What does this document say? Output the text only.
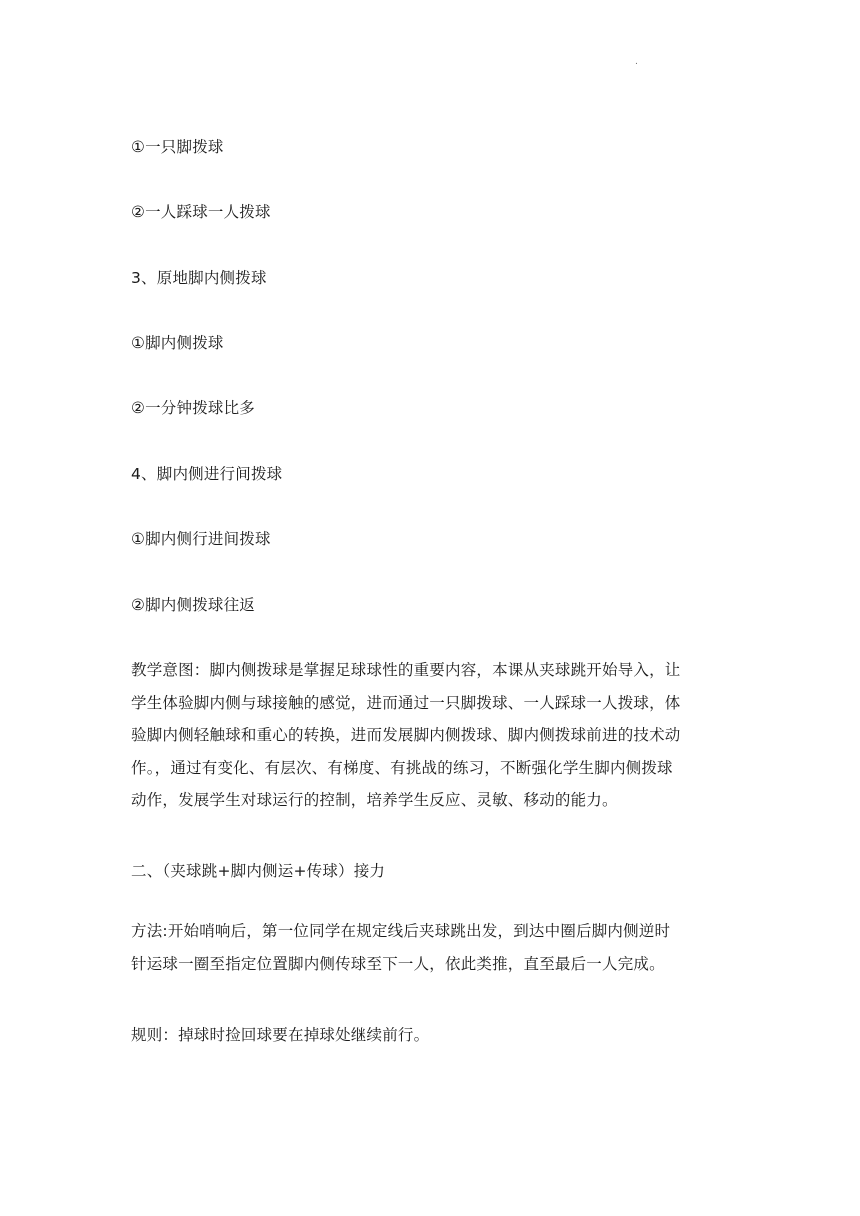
.
①一只脚拨球
②一人踩球一人拨球
3、原地脚内侧拨球
①脚内侧拨球
②一分钟拨球比多
4、脚内侧进行间拨球
①脚内侧行进间拨球
②脚内侧拨球往返
教学意图：脚内侧拨球是掌握足球球性的重要内容，本课从夹球跳开始导入，让
学生体验脚内侧与球接触的感觉，进而通过一只脚拨球、一人踩球一人拨球，体
验脚内侧轻触球和重心的转换，进而发展脚内侧拨球、脚内侧拨球前进的技术动
作。，通过有变化、有层次、有梯度、有挑战的练习，不断强化学生脚内侧拨球
动作，发展学生对球运行的控制，培养学生反应、灵敏、移动的能力。
二、（夹球跳+脚内侧运+传球）接力
方法:开始哨响后，第一位同学在规定线后夹球跳出发，到达中圈后脚内侧逆时
针运球一圈至指定位置脚内侧传球至下一人，依此类推，直至最后一人完成。
规则：掉球时捡回球要在掉球处继续前行。
